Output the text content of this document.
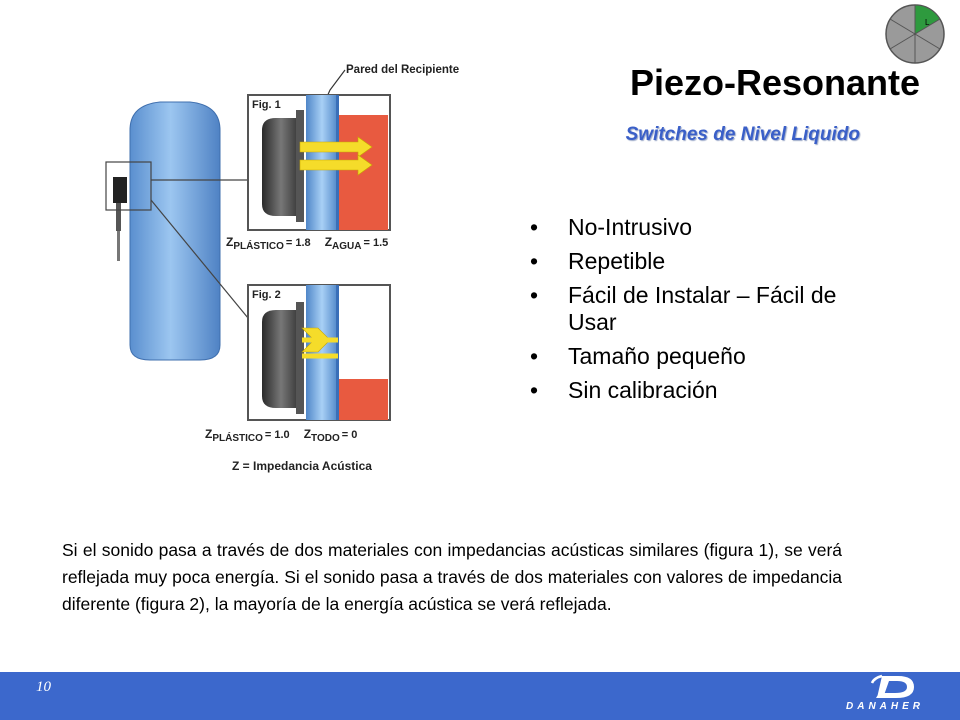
L
Piezo-Resonante
Switches de Nivel Liquido
Pared del Recipiente
Fig. 1
$Z_{PLÁSTICO} = 1.8$ $Z_{AGUA} = 1.5$
Fig. 2
$Z_{PLÁSTICO} = 1.0$ $Z_{TODO} = 0$
Z = Impedancia Acústica
• No-Intrusivo
• Repetible
• Fácil de Instalar – Fácil de Usar
• Tamaño pequeño
• Sin calibración
Si el sonido pasa a través de dos materiales con impedancias acústicas similares (figura 1), se verá reflejada muy poca energía. Si el sonido pasa a través de dos materiales con valores de impedancia diferente (figura 2), la mayoría de la energía acústica se verá reflejada.
10
DANAHER
